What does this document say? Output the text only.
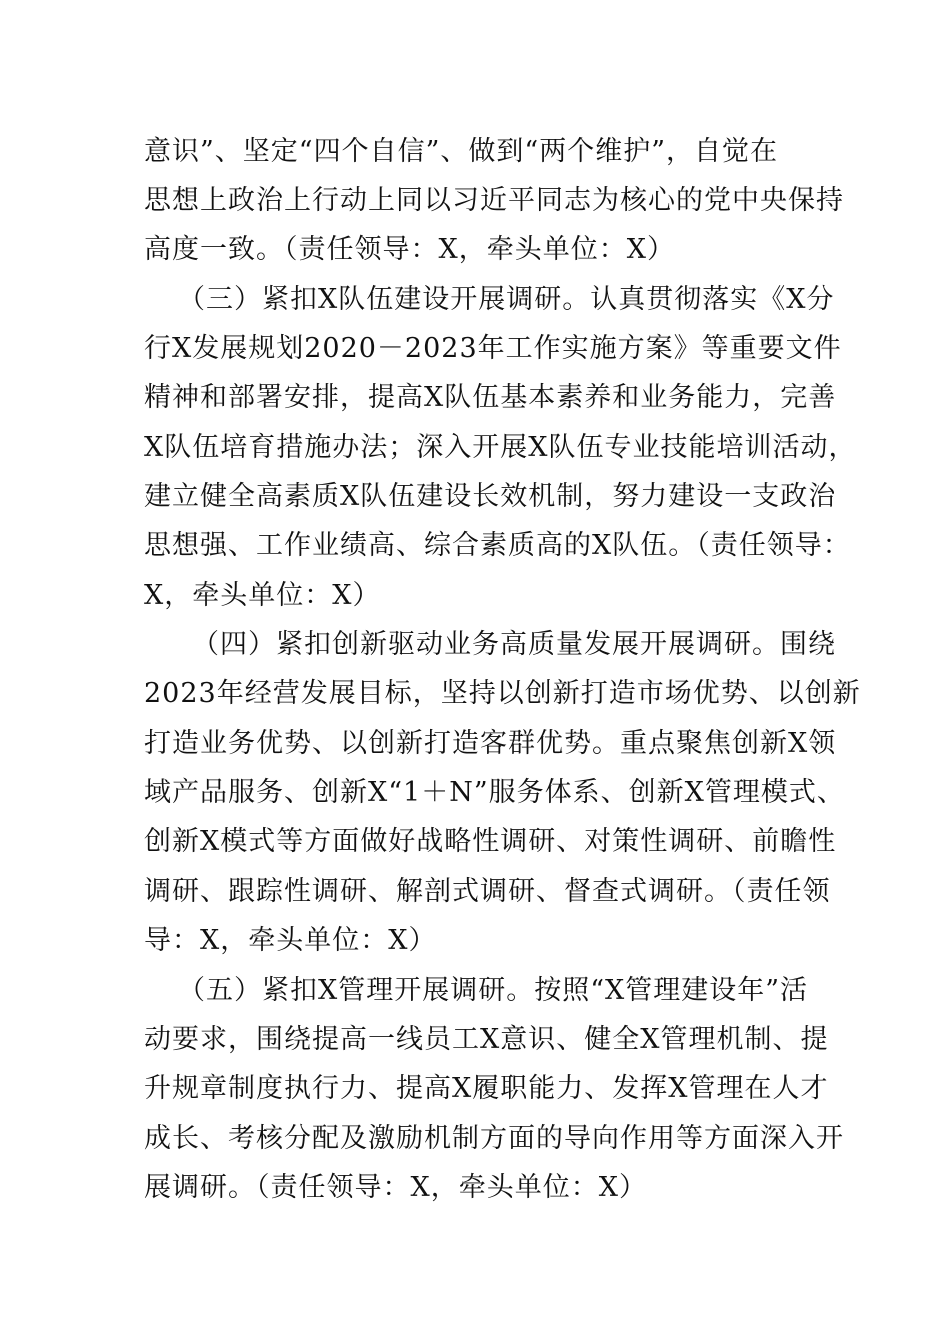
意识”、坚定“四个自信”、做到“两个维护”，自觉在
思想上政治上行动上同以习近平同志为核心的党中央保持
高度一致。（责任领导：X，牵头单位：X）
（三）紧扣X队伍建设开展调研。认真贯彻落实《X分
行X发展规划2020－2023年工作实施方案》等重要文件
精神和部署安排，提高X队伍基本素养和业务能力，完善
X队伍培育措施办法；深入开展X队伍专业技能培训活动，
建立健全高素质X队伍建设长效机制，努力建设一支政治
思想强、工作业绩高、综合素质高的X队伍。（责任领导：
X，牵头单位：X）
（四）紧扣创新驱动业务高质量发展开展调研。围绕
2023年经营发展目标，坚持以创新打造市场优势、以创新
打造业务优势、以创新打造客群优势。重点聚焦创新X领
域产品服务、创新X“1＋N”服务体系、创新X管理模式、
创新X模式等方面做好战略性调研、对策性调研、前瞻性
调研、跟踪性调研、解剖式调研、督查式调研。（责任领
导：X，牵头单位：X）
（五）紧扣X管理开展调研。按照“X管理建设年”活
动要求，围绕提高一线员工X意识、健全X管理机制、提
升规章制度执行力、提高X履职能力、发挥X管理在人才
成长、考核分配及激励机制方面的导向作用等方面深入开
展调研。（责任领导：X，牵头单位：X）
